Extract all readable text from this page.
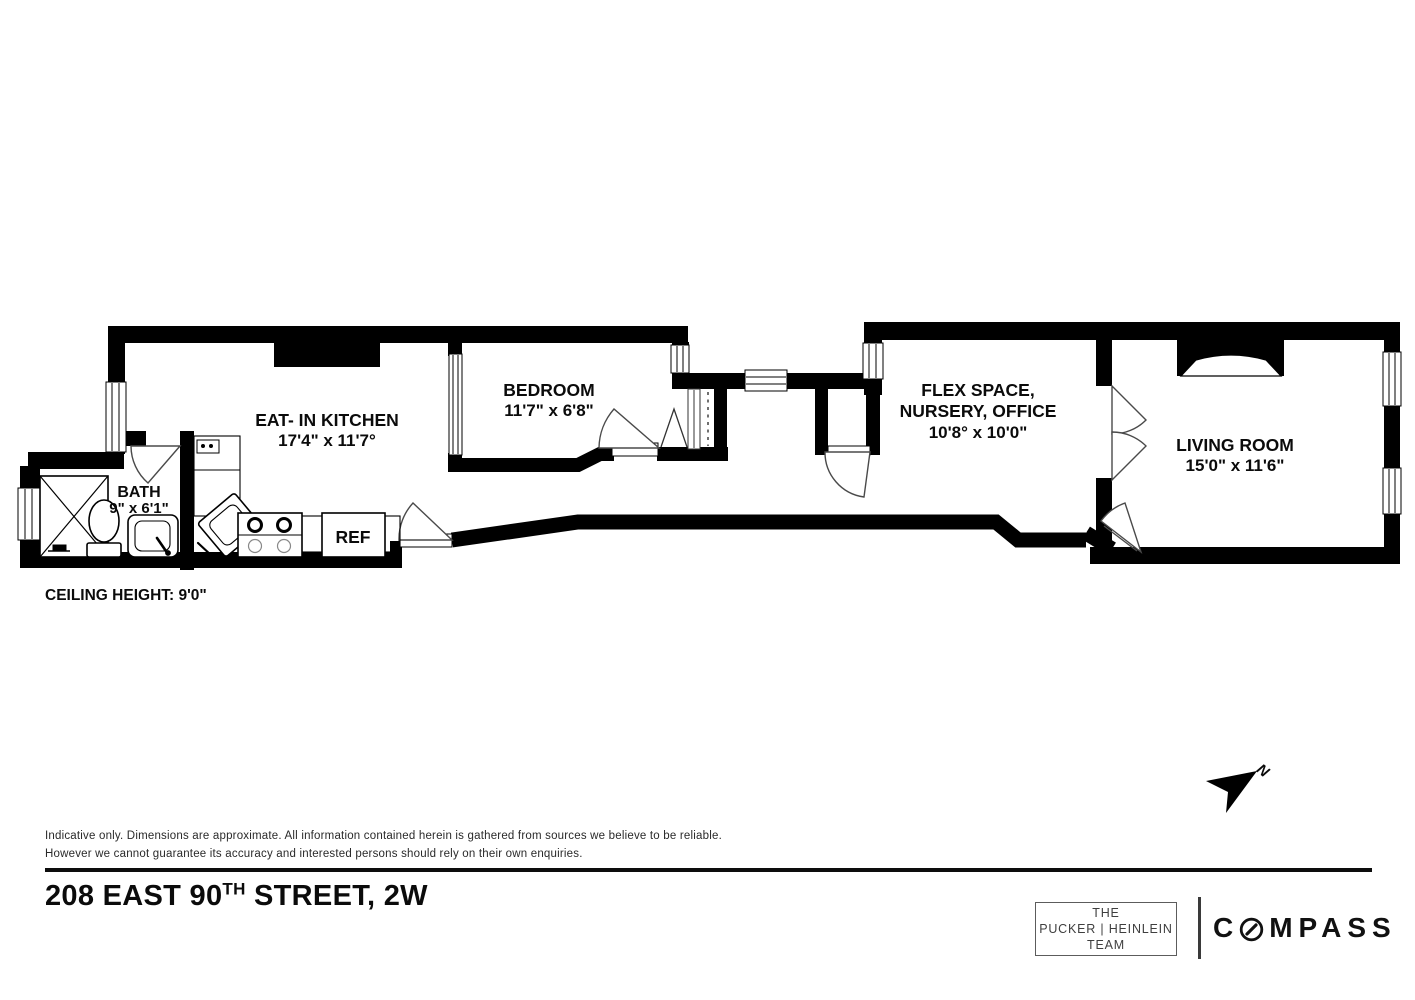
EAT- IN KITCHEN
17'4" x 11'7°
BEDROOM
11'7" x 6'8"
FLEX SPACE,
NURSERY, OFFICE
10'8° x 10'0"
LIVING ROOM
15'0" x 11'6"
BATH
9" x 6'1"
REF
CEILING HEIGHT: 9'0"
N
Indicative only. Dimensions are approximate. All information contained herein is gathered from sources we believe to be reliable.
However we cannot guarantee its accuracy and interested persons should rely on their own enquiries.
208 EAST 90TH STREET, 2W
THE
PUCKER | HEINLEIN
TEAM
C MPASS
